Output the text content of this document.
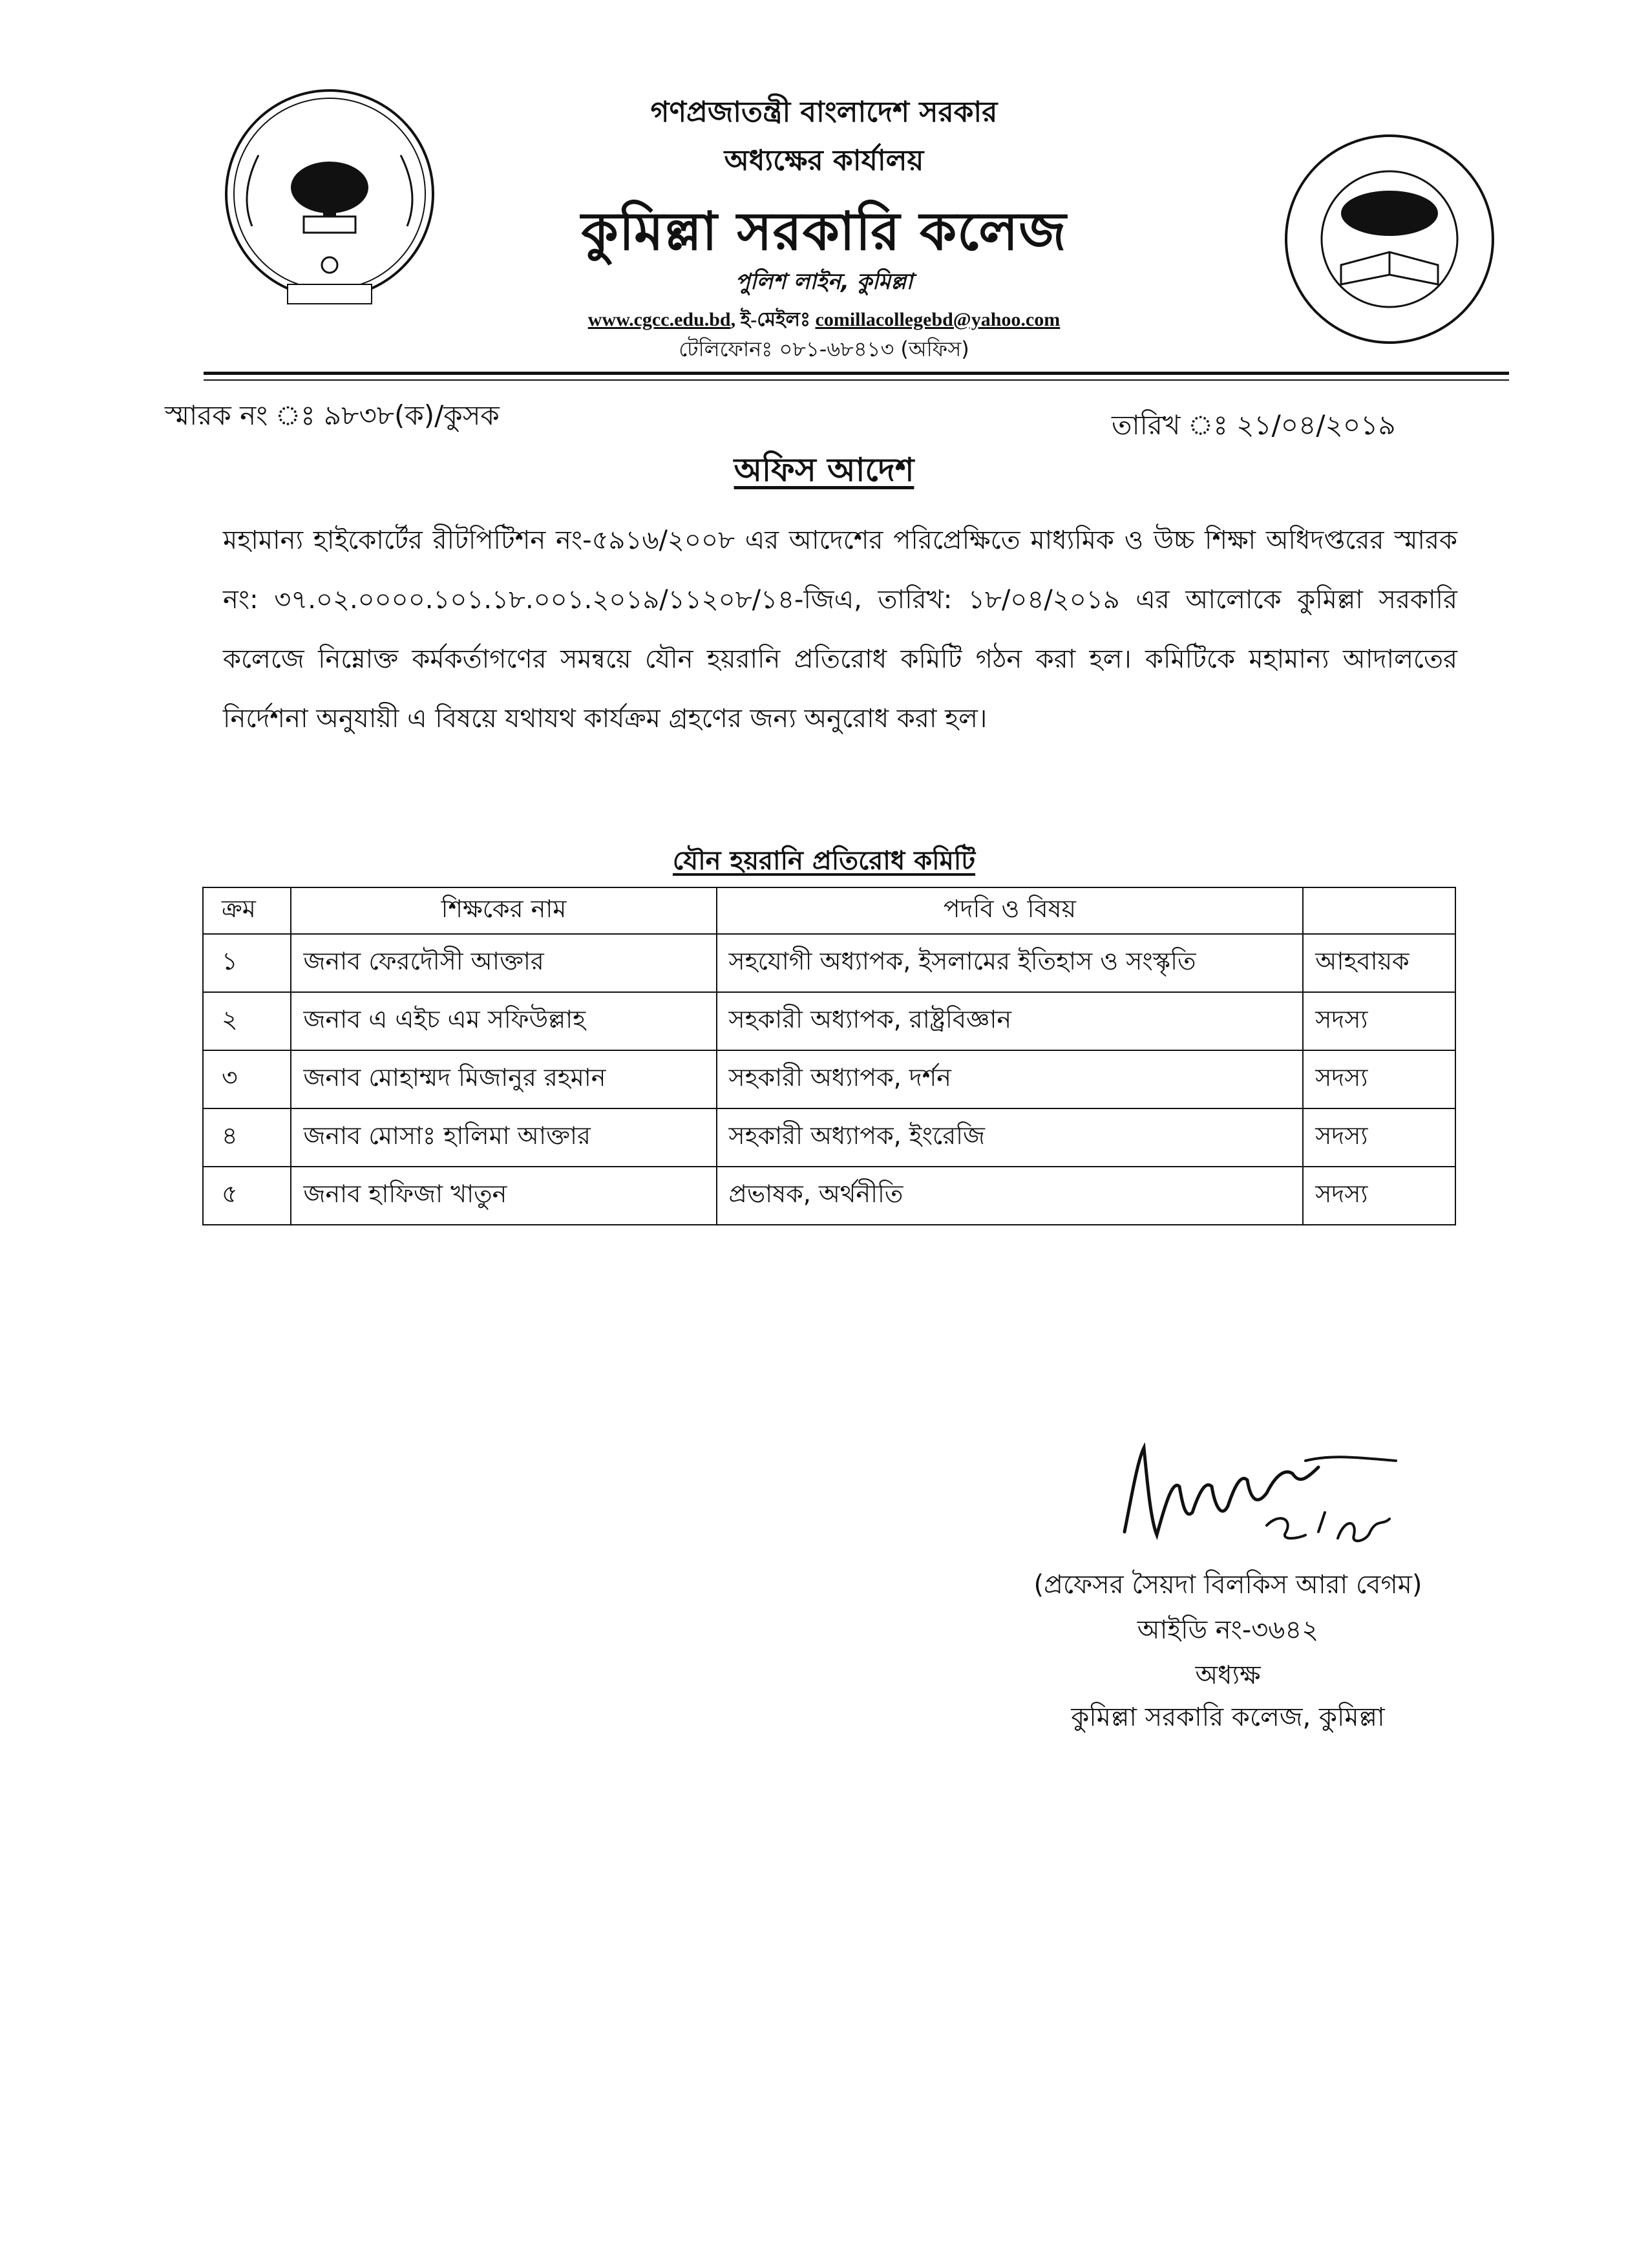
গণপ্রজাতন্ত্রী বাংলাদেশ সরকার
অধ্যক্ষের কার্যালয়
কুমিল্লা সরকারি কলেজ
পুলিশ লাইন, কুমিল্লা
www.cgcc.edu.bd, ই-মেইলঃ comillacollegebd@yahoo.com
টেলিফোনঃ ০৮১-৬৮৪১৩ (অফিস)
স্মারক নং ঃ ৯৮৩৮(ক)/কুসক	তারিখ ঃ ২১/০৪/২০১৯
অফিস আদেশ
মহামান্য হাইকোর্টের রীটপিটিশন নং-৫৯১৬/২০০৮ এর আদেশের পরিপ্রেক্ষিতে মাধ্যমিক ও উচ্চ শিক্ষা অধিদপ্তরের স্মারক নং: ৩৭.০২.০০০০.১০১.১৮.০০১.২০১৯/১১২০৮/১৪-জিএ, তারিখ: ১৮/০৪/২০১৯ এর আলোকে কুমিল্লা সরকারি কলেজে নিম্নোক্ত কর্মকর্তাগণের সমন্বয়ে যৌন হয়রানি প্রতিরোধ কমিটি গঠন করা হল। কমিটিকে মহামান্য আদালতের নির্দেশনা অনুযায়ী এ বিষয়ে যথাযথ কার্যক্রম গ্রহণের জন্য অনুরোধ করা হল।
যৌন হয়রানি প্রতিরোধ কমিটি
ক্রম	শিক্ষকের নাম	পদবি ও বিষয়	
১	জনাব ফেরদৌসী আক্তার	সহযোগী অধ্যাপক, ইসলামের ইতিহাস ও সংস্কৃতি	আহবায়ক
২	জনাব এ এইচ এম সফিউল্লাহ	সহকারী অধ্যাপক, রাষ্ট্রবিজ্ঞান	সদস্য
৩	জনাব মোহাম্মদ মিজানুর রহমান	সহকারী অধ্যাপক, দর্শন	সদস্য
৪	জনাব মোসাঃ হালিমা আক্তার	সহকারী অধ্যাপক, ইংরেজি	সদস্য
৫	জনাব হাফিজা খাতুন	প্রভাষক, অর্থনীতি	সদস্য
(প্রফেসর সৈয়দা বিলকিস আরা বেগম)
আইডি নং-৩৬৪২
অধ্যক্ষ
কুমিল্লা সরকারি কলেজ, কুমিল্লা
